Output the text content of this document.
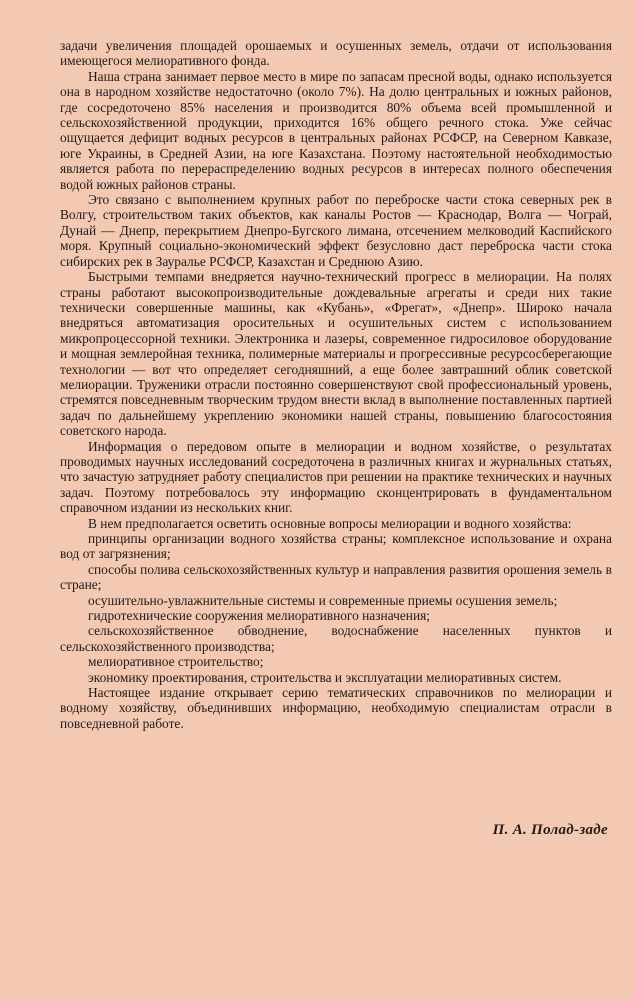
задачи увеличения площадей орошаемых и осушенных земель, отдачи от использования имеющегося мелиоративного фонда.

Наша страна занимает первое место в мире по запасам пресной воды, однако используется она в народном хозяйстве недостаточно (около 7%). На долю центральных и южных районов, где сосредоточено 85% населения и производится 80% объема всей промышленной и сельскохозяйственной продукции, приходится 16% общего речного стока. Уже сейчас ощущается дефицит водных ресурсов в центральных районах РСФСР, на Северном Кавказе, юге Украины, в Средней Азии, на юге Казахстана. Поэтому настоятельной необходимостью является работа по перераспределению водных ресурсов в интересах полного обеспечения водой южных районов страны.

Это связано с выполнением крупных работ по переброске части стока северных рек в Волгу, строительством таких объектов, как каналы Ростов — Краснодар, Волга — Чограй, Дунай — Днепр, перекрытием Днепро-Бугского лимана, отсечением мелководий Каспийского моря. Крупный социально-экономический эффект безусловно даст переброска части стока сибирских рек в Зауралье РСФСР, Казахстан и Среднюю Азию.

Быстрыми темпами внедряется научно-технический прогресс в мелиорации. На полях страны работают высокопроизводительные дождевальные агрегаты и среди них такие технически совершенные машины, как «Кубань», «Фрегат», «Днепр». Широко начала внедряться автоматизация оросительных и осушительных систем с использованием микропроцессорной техники. Электроника и лазеры, современное гидросиловое оборудование и мощная землеройная техника, полимерные материалы и прогрессивные ресурсосберегающие технологии — вот что определяет сегодняшний, а еще более завтрашний облик советской мелиорации. Труженики отрасли постоянно совершенствуют свой профессиональный уровень, стремятся повседневным творческим трудом внести вклад в выполнение поставленных партией задач по дальнейшему укреплению экономики нашей страны, повышению благосостояния советского народа.

Информация о передовом опыте в мелиорации и водном хозяйстве, о результатах проводимых научных исследований сосредоточена в различных книгах и журнальных статьях, что зачастую затрудняет работу специалистов при решении на практике технических и научных задач. Поэтому потребовалось эту информацию сконцентрировать в фундаментальном справочном издании из нескольких книг.

В нем предполагается осветить основные вопросы мелиорации и водного хозяйства:

принципы организации водного хозяйства страны; комплексное использование и охрана вод от загрязнения;

способы полива сельскохозяйственных культур и направления развития орошения земель в стране;

осушительно-увлажнительные системы и современные приемы осушения земель;

гидротехнические сооружения мелиоративного назначения;

сельскохозяйственное обводнение, водоснабжение населенных пунктов и сельскохозяйственного производства;

мелиоративное строительство;

экономику проектирования, строительства и эксплуатации мелиоративных систем.

Настоящее издание открывает серию тематических справочников по мелиорации и водному хозяйству, объединивших информацию, необходимую специалистам отрасли в повседневной работе.

П. А. Полад-заде
